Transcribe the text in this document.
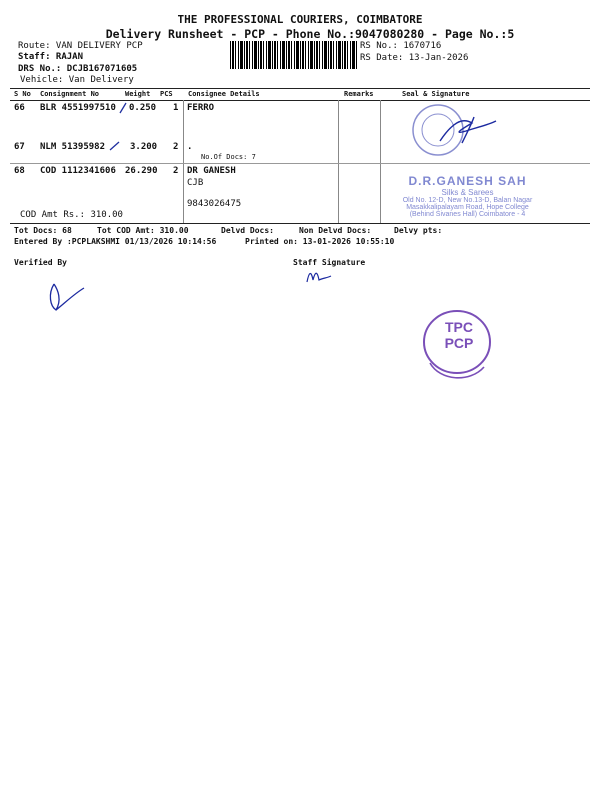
THE PROFESSIONAL COURIERS, COIMBATORE
Delivery Runsheet - PCP - Phone No.:9047080280 - Page No.:5
Route: VAN DELIVERY PCP
Staff: RAJAN
DRS No.: DCJB167071605
Vehicle: Van Delivery
RS No.: 1670716
RS Date: 13-Jan-2026
S No Consignment No	Weight PCS Consignee Details	Remarks	Seal & Signature
66 BLR 4551997510 0.250 1 FERRO
67 NLM 51395982	3.200 2 .
No.Of Docs: 7
68 COD 1112341606 26.290 2 DR GANESH
CJB
9843026475
COD Amt Rs.: 310.00
D.R.GANESH SAH
Silks & Sarees
Old No. 12-D, New No.13-D, Balan Nagar
Masakkalipalayam Road, Hope College
(Behind Sivanes Hall) Coimbatore - 4
Tot Docs: 68	Tot COD Amt: 310.00	Delvd Docs:	Non Delvd Docs:	Delvy pts:
Entered By :PCPLAKSHMI 01/13/2026 10:14:56	Printed on: 13-01-2026 10:55:10
Verified By	Staff Signature
TPC
PCP
